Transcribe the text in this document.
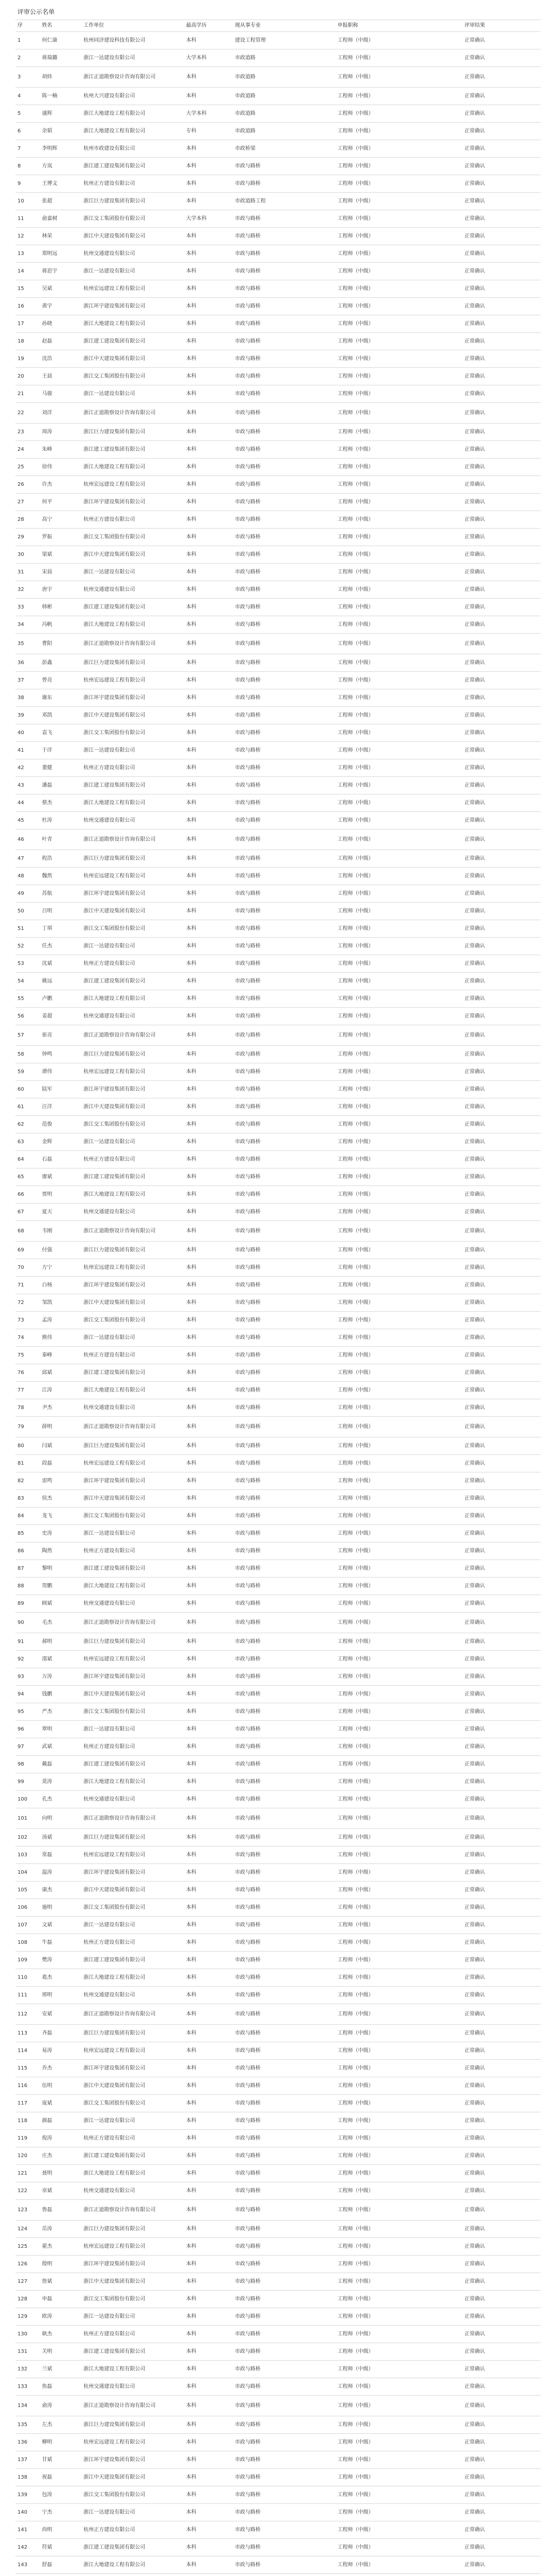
评审公示名单
序	姓名	工作单位	最高学历	现从事专业	申报职称	评审结果
1	何仁康	杭州同济建设科技有限公司	本科	建设工程管理	工程师（中级）	正常确认
2	蒋瑞璐	浙江一达建设有限公司	大学本科	市政道路	工程师（中级）	正常确认
3	胡炜	浙江正道勘察设计咨询有限公司	本科	市政道路	工程师（中级）	正常确认
4	陈一楠	杭州大兴建设有限公司	本科	市政道路	工程师（中级）	正常确认
5	盛辉	浙江大地建设工程有限公司	大学本科	市政道路	工程师（中级）	正常确认
6	余韬	浙江大地建设工程有限公司	专科	市政道路	工程师（中级）	正常确认
7	李明辉	杭州市政建设有限公司	本科	市政桥梁	工程师（中级）	正常确认
8	方岚	浙江建工建设集团有限公司	本科	市政与路桥	工程师（中级）	正常确认
9	王博文	杭州正方建设有限公司	本科	市政与路桥	工程师（中级）	正常确认
10	张超	浙江巨力建设集团有限公司	本科	市政道路工程	工程师（中级）	正常确认
11	俞嘉树	浙江交工集团股份有限公司	大学本科	市政与路桥	工程师（中级）	正常确认
12	林荣	浙江中天建设集团有限公司	本科	市政与路桥	工程师（中级）	正常确认
13	郑明远	杭州交通建设有限公司	本科	市政与路桥	工程师（中级）	正常确认
14	蒋思宇	浙江一达建设有限公司	本科	市政与路桥	工程师（中级）	正常确认
15	吴斌	杭州宏远建设工程有限公司	本科	市政与路桥	工程师（中级）	正常确认
16	黄宇	浙江环宇建设集团有限公司	本科	市政与路桥	工程师（中级）	正常确认
17	孙晓	浙江大地建设工程有限公司	本科	市政与路桥	工程师（中级）	正常确认
18	赵磊	浙江建工建设集团有限公司	本科	市政与路桥	工程师（中级）	正常确认
19	沈浩	浙江中天建设集团有限公司	本科	市政与路桥	工程师（中级）	正常确认
20	王晨	浙江交工集团股份有限公司	本科	市政与路桥	工程师（中级）	正常确认
21	马骏	浙江一达建设有限公司	本科	市政与路桥	工程师（中级）	正常确认
22	刘洋	浙江正道勘察设计咨询有限公司	本科	市政与路桥	工程师（中级）	正常确认
23	周涛	浙江巨力建设集团有限公司	本科	市政与路桥	工程师（中级）	正常确认
24	朱峰	浙江建工建设集团有限公司	本科	市政与路桥	工程师（中级）	正常确认
25	徐伟	浙江大地建设工程有限公司	本科	市政与路桥	工程师（中级）	正常确认
26	许杰	杭州宏远建设工程有限公司	本科	市政与路桥	工程师（中级）	正常确认
27	何平	浙江环宇建设集团有限公司	本科	市政与路桥	工程师（中级）	正常确认
28	高宁	杭州正方建设有限公司	本科	市政与路桥	工程师（中级）	正常确认
29	罗振	浙江交工集团股份有限公司	本科	市政与路桥	工程师（中级）	正常确认
30	梁斌	浙江中天建设集团有限公司	本科	市政与路桥	工程师（中级）	正常确认
31	宋晨	浙江一达建设有限公司	本科	市政与路桥	工程师（中级）	正常确认
32	唐宇	杭州交通建设有限公司	本科	市政与路桥	工程师（中级）	正常确认
33	韩彬	浙江建工建设集团有限公司	本科	市政与路桥	工程师（中级）	正常确认
34	冯帆	浙江大地建设工程有限公司	本科	市政与路桥	工程师（中级）	正常确认
35	曹阳	浙江正道勘察设计咨询有限公司	本科	市政与路桥	工程师（中级）	正常确认
36	彭鑫	浙江巨力建设集团有限公司	本科	市政与路桥	工程师（中级）	正常确认
37	曾亮	杭州宏远建设工程有限公司	本科	市政与路桥	工程师（中级）	正常确认
38	谢东	浙江环宇建设集团有限公司	本科	市政与路桥	工程师（中级）	正常确认
39	邓凯	浙江中天建设集团有限公司	本科	市政与路桥	工程师（中级）	正常确认
40	袁飞	浙江交工集团股份有限公司	本科	市政与路桥	工程师（中级）	正常确认
41	于洋	浙江一达建设有限公司	本科	市政与路桥	工程师（中级）	正常确认
42	董健	杭州正方建设有限公司	本科	市政与路桥	工程师（中级）	正常确认
43	潘磊	浙江建工建设集团有限公司	本科	市政与路桥	工程师（中级）	正常确认
44	蔡杰	浙江大地建设工程有限公司	本科	市政与路桥	工程师（中级）	正常确认
45	杜涛	杭州交通建设有限公司	本科	市政与路桥	工程师（中级）	正常确认
46	叶青	浙江正道勘察设计咨询有限公司	本科	市政与路桥	工程师（中级）	正常确认
47	程浩	浙江巨力建设集团有限公司	本科	市政与路桥	工程师（中级）	正常确认
48	魏然	杭州宏远建设工程有限公司	本科	市政与路桥	工程师（中级）	正常确认
49	苏航	浙江环宇建设集团有限公司	本科	市政与路桥	工程师（中级）	正常确认
50	吕明	浙江中天建设集团有限公司	本科	市政与路桥	工程师（中级）	正常确认
51	丁琪	浙江交工集团股份有限公司	本科	市政与路桥	工程师（中级）	正常确认
52	任杰	浙江一达建设有限公司	本科	市政与路桥	工程师（中级）	正常确认
53	沈斌	杭州正方建设有限公司	本科	市政与路桥	工程师（中级）	正常确认
54	姚远	浙江建工建设集团有限公司	本科	市政与路桥	工程师（中级）	正常确认
55	卢鹏	浙江大地建设工程有限公司	本科	市政与路桥	工程师（中级）	正常确认
56	姜超	杭州交通建设有限公司	本科	市政与路桥	工程师（中级）	正常确认
57	崔亮	浙江正道勘察设计咨询有限公司	本科	市政与路桥	工程师（中级）	正常确认
58	钟鸣	浙江巨力建设集团有限公司	本科	市政与路桥	工程师（中级）	正常确认
59	谭伟	杭州宏远建设工程有限公司	本科	市政与路桥	工程师（中级）	正常确认
60	陆军	浙江环宇建设集团有限公司	本科	市政与路桥	工程师（中级）	正常确认
61	汪洋	浙江中天建设集团有限公司	本科	市政与路桥	工程师（中级）	正常确认
62	范俊	浙江交工集团股份有限公司	本科	市政与路桥	工程师（中级）	正常确认
63	金辉	浙江一达建设有限公司	本科	市政与路桥	工程师（中级）	正常确认
64	石磊	杭州正方建设有限公司	本科	市政与路桥	工程师（中级）	正常确认
65	廖斌	浙江建工建设集团有限公司	本科	市政与路桥	工程师（中级）	正常确认
66	贾明	浙江大地建设工程有限公司	本科	市政与路桥	工程师（中级）	正常确认
67	夏天	杭州交通建设有限公司	本科	市政与路桥	工程师（中级）	正常确认
68	韦刚	浙江正道勘察设计咨询有限公司	本科	市政与路桥	工程师（中级）	正常确认
69	付强	浙江巨力建设集团有限公司	本科	市政与路桥	工程师（中级）	正常确认
70	方宁	杭州宏远建设工程有限公司	本科	市政与路桥	工程师（中级）	正常确认
71	白杨	浙江环宇建设集团有限公司	本科	市政与路桥	工程师（中级）	正常确认
72	邹凯	浙江中天建设集团有限公司	本科	市政与路桥	工程师（中级）	正常确认
73	孟涛	浙江交工集团股份有限公司	本科	市政与路桥	工程师（中级）	正常确认
74	熊伟	浙江一达建设有限公司	本科	市政与路桥	工程师（中级）	正常确认
75	秦峰	杭州正方建设有限公司	本科	市政与路桥	工程师（中级）	正常确认
76	邱斌	浙江建工建设集团有限公司	本科	市政与路桥	工程师（中级）	正常确认
77	江涛	浙江大地建设工程有限公司	本科	市政与路桥	工程师（中级）	正常确认
78	尹杰	杭州交通建设有限公司	本科	市政与路桥	工程师（中级）	正常确认
79	薛明	浙江正道勘察设计咨询有限公司	本科	市政与路桥	工程师（中级）	正常确认
80	闫斌	浙江巨力建设集团有限公司	本科	市政与路桥	工程师（中级）	正常确认
81	段磊	杭州宏远建设工程有限公司	本科	市政与路桥	工程师（中级）	正常确认
82	雷鸣	浙江环宇建设集团有限公司	本科	市政与路桥	工程师（中级）	正常确认
83	侯杰	浙江中天建设集团有限公司	本科	市政与路桥	工程师（中级）	正常确认
84	龙飞	浙江交工集团股份有限公司	本科	市政与路桥	工程师（中级）	正常确认
85	史涛	浙江一达建设有限公司	本科	市政与路桥	工程师（中级）	正常确认
86	陶然	杭州正方建设有限公司	本科	市政与路桥	工程师（中级）	正常确认
87	黎明	浙江建工建设集团有限公司	本科	市政与路桥	工程师（中级）	正常确认
88	贺鹏	浙江大地建设工程有限公司	本科	市政与路桥	工程师（中级）	正常确认
89	顾斌	杭州交通建设有限公司	本科	市政与路桥	工程师（中级）	正常确认
90	毛杰	浙江正道勘察设计咨询有限公司	本科	市政与路桥	工程师（中级）	正常确认
91	郝明	浙江巨力建设集团有限公司	本科	市政与路桥	工程师（中级）	正常确认
92	邵斌	杭州宏远建设工程有限公司	本科	市政与路桥	工程师（中级）	正常确认
93	万涛	浙江环宇建设集团有限公司	本科	市政与路桥	工程师（中级）	正常确认
94	钱鹏	浙江中天建设集团有限公司	本科	市政与路桥	工程师（中级）	正常确认
95	严杰	浙江交工集团股份有限公司	本科	市政与路桥	工程师（中级）	正常确认
96	覃明	浙江一达建设有限公司	本科	市政与路桥	工程师（中级）	正常确认
97	武斌	杭州正方建设有限公司	本科	市政与路桥	工程师（中级）	正常确认
98	戴磊	浙江建工建设集团有限公司	本科	市政与路桥	工程师（中级）	正常确认
99	莫涛	浙江大地建设工程有限公司	本科	市政与路桥	工程师（中级）	正常确认
100	孔杰	杭州交通建设有限公司	本科	市政与路桥	工程师（中级）	正常确认
101	向明	浙江正道勘察设计咨询有限公司	本科	市政与路桥	工程师（中级）	正常确认
102	汤斌	浙江巨力建设集团有限公司	本科	市政与路桥	工程师（中级）	正常确认
103	常磊	杭州宏远建设工程有限公司	本科	市政与路桥	工程师（中级）	正常确认
104	温涛	浙江环宇建设集团有限公司	本科	市政与路桥	工程师（中级）	正常确认
105	康杰	浙江中天建设集团有限公司	本科	市政与路桥	工程师（中级）	正常确认
106	施明	浙江交工集团股份有限公司	本科	市政与路桥	工程师（中级）	正常确认
107	文斌	浙江一达建设有限公司	本科	市政与路桥	工程师（中级）	正常确认
108	牛磊	杭州正方建设有限公司	本科	市政与路桥	工程师（中级）	正常确认
109	樊涛	浙江建工建设集团有限公司	本科	市政与路桥	工程师（中级）	正常确认
110	葛杰	浙江大地建设工程有限公司	本科	市政与路桥	工程师（中级）	正常确认
111	邢明	杭州交通建设有限公司	本科	市政与路桥	工程师（中级）	正常确认
112	安斌	浙江正道勘察设计咨询有限公司	本科	市政与路桥	工程师（中级）	正常确认
113	齐磊	浙江巨力建设集团有限公司	本科	市政与路桥	工程师（中级）	正常确认
114	易涛	杭州宏远建设工程有限公司	本科	市政与路桥	工程师（中级）	正常确认
115	乔杰	浙江环宇建设集团有限公司	本科	市政与路桥	工程师（中级）	正常确认
116	伍明	浙江中天建设集团有限公司	本科	市政与路桥	工程师（中级）	正常确认
117	庞斌	浙江交工集团股份有限公司	本科	市政与路桥	工程师（中级）	正常确认
118	颜磊	浙江一达建设有限公司	本科	市政与路桥	工程师（中级）	正常确认
119	倪涛	杭州正方建设有限公司	本科	市政与路桥	工程师（中级）	正常确认
120	庄杰	浙江建工建设集团有限公司	本科	市政与路桥	工程师（中级）	正常确认
121	聂明	浙江大地建设工程有限公司	本科	市政与路桥	工程师（中级）	正常确认
122	章斌	杭州交通建设有限公司	本科	市政与路桥	工程师（中级）	正常确认
123	鲁磊	浙江正道勘察设计咨询有限公司	本科	市政与路桥	工程师（中级）	正常确认
124	岳涛	浙江巨力建设集团有限公司	本科	市政与路桥	工程师（中级）	正常确认
125	翟杰	杭州宏远建设工程有限公司	本科	市政与路桥	工程师（中级）	正常确认
126	殷明	浙江环宇建设集团有限公司	本科	市政与路桥	工程师（中级）	正常确认
127	詹斌	浙江中天建设集团有限公司	本科	市政与路桥	工程师（中级）	正常确认
128	申磊	浙江交工集团股份有限公司	本科	市政与路桥	工程师（中级）	正常确认
129	欧涛	浙江一达建设有限公司	本科	市政与路桥	工程师（中级）	正常确认
130	耿杰	杭州正方建设有限公司	本科	市政与路桥	工程师（中级）	正常确认
131	关明	浙江建工建设集团有限公司	本科	市政与路桥	工程师（中级）	正常确认
132	兰斌	浙江大地建设工程有限公司	本科	市政与路桥	工程师（中级）	正常确认
133	焦磊	杭州交通建设有限公司	本科	市政与路桥	工程师（中级）	正常确认
134	俞涛	浙江正道勘察设计咨询有限公司	本科	市政与路桥	工程师（中级）	正常确认
135	左杰	浙江巨力建设集团有限公司	本科	市政与路桥	工程师（中级）	正常确认
136	柳明	杭州宏远建设工程有限公司	本科	市政与路桥	工程师（中级）	正常确认
137	甘斌	浙江环宇建设集团有限公司	本科	市政与路桥	工程师（中级）	正常确认
138	祝磊	浙江中天建设集团有限公司	本科	市政与路桥	工程师（中级）	正常确认
139	包涛	浙江交工集团股份有限公司	本科	市政与路桥	工程师（中级）	正常确认
140	宁杰	浙江一达建设有限公司	本科	市政与路桥	工程师（中级）	正常确认
141	尚明	杭州正方建设有限公司	本科	市政与路桥	工程师（中级）	正常确认
142	符斌	浙江建工建设集团有限公司	本科	市政与路桥	工程师（中级）	正常确认
143	舒磊	浙江大地建设工程有限公司	本科	市政与路桥	工程师（中级）	正常确认
